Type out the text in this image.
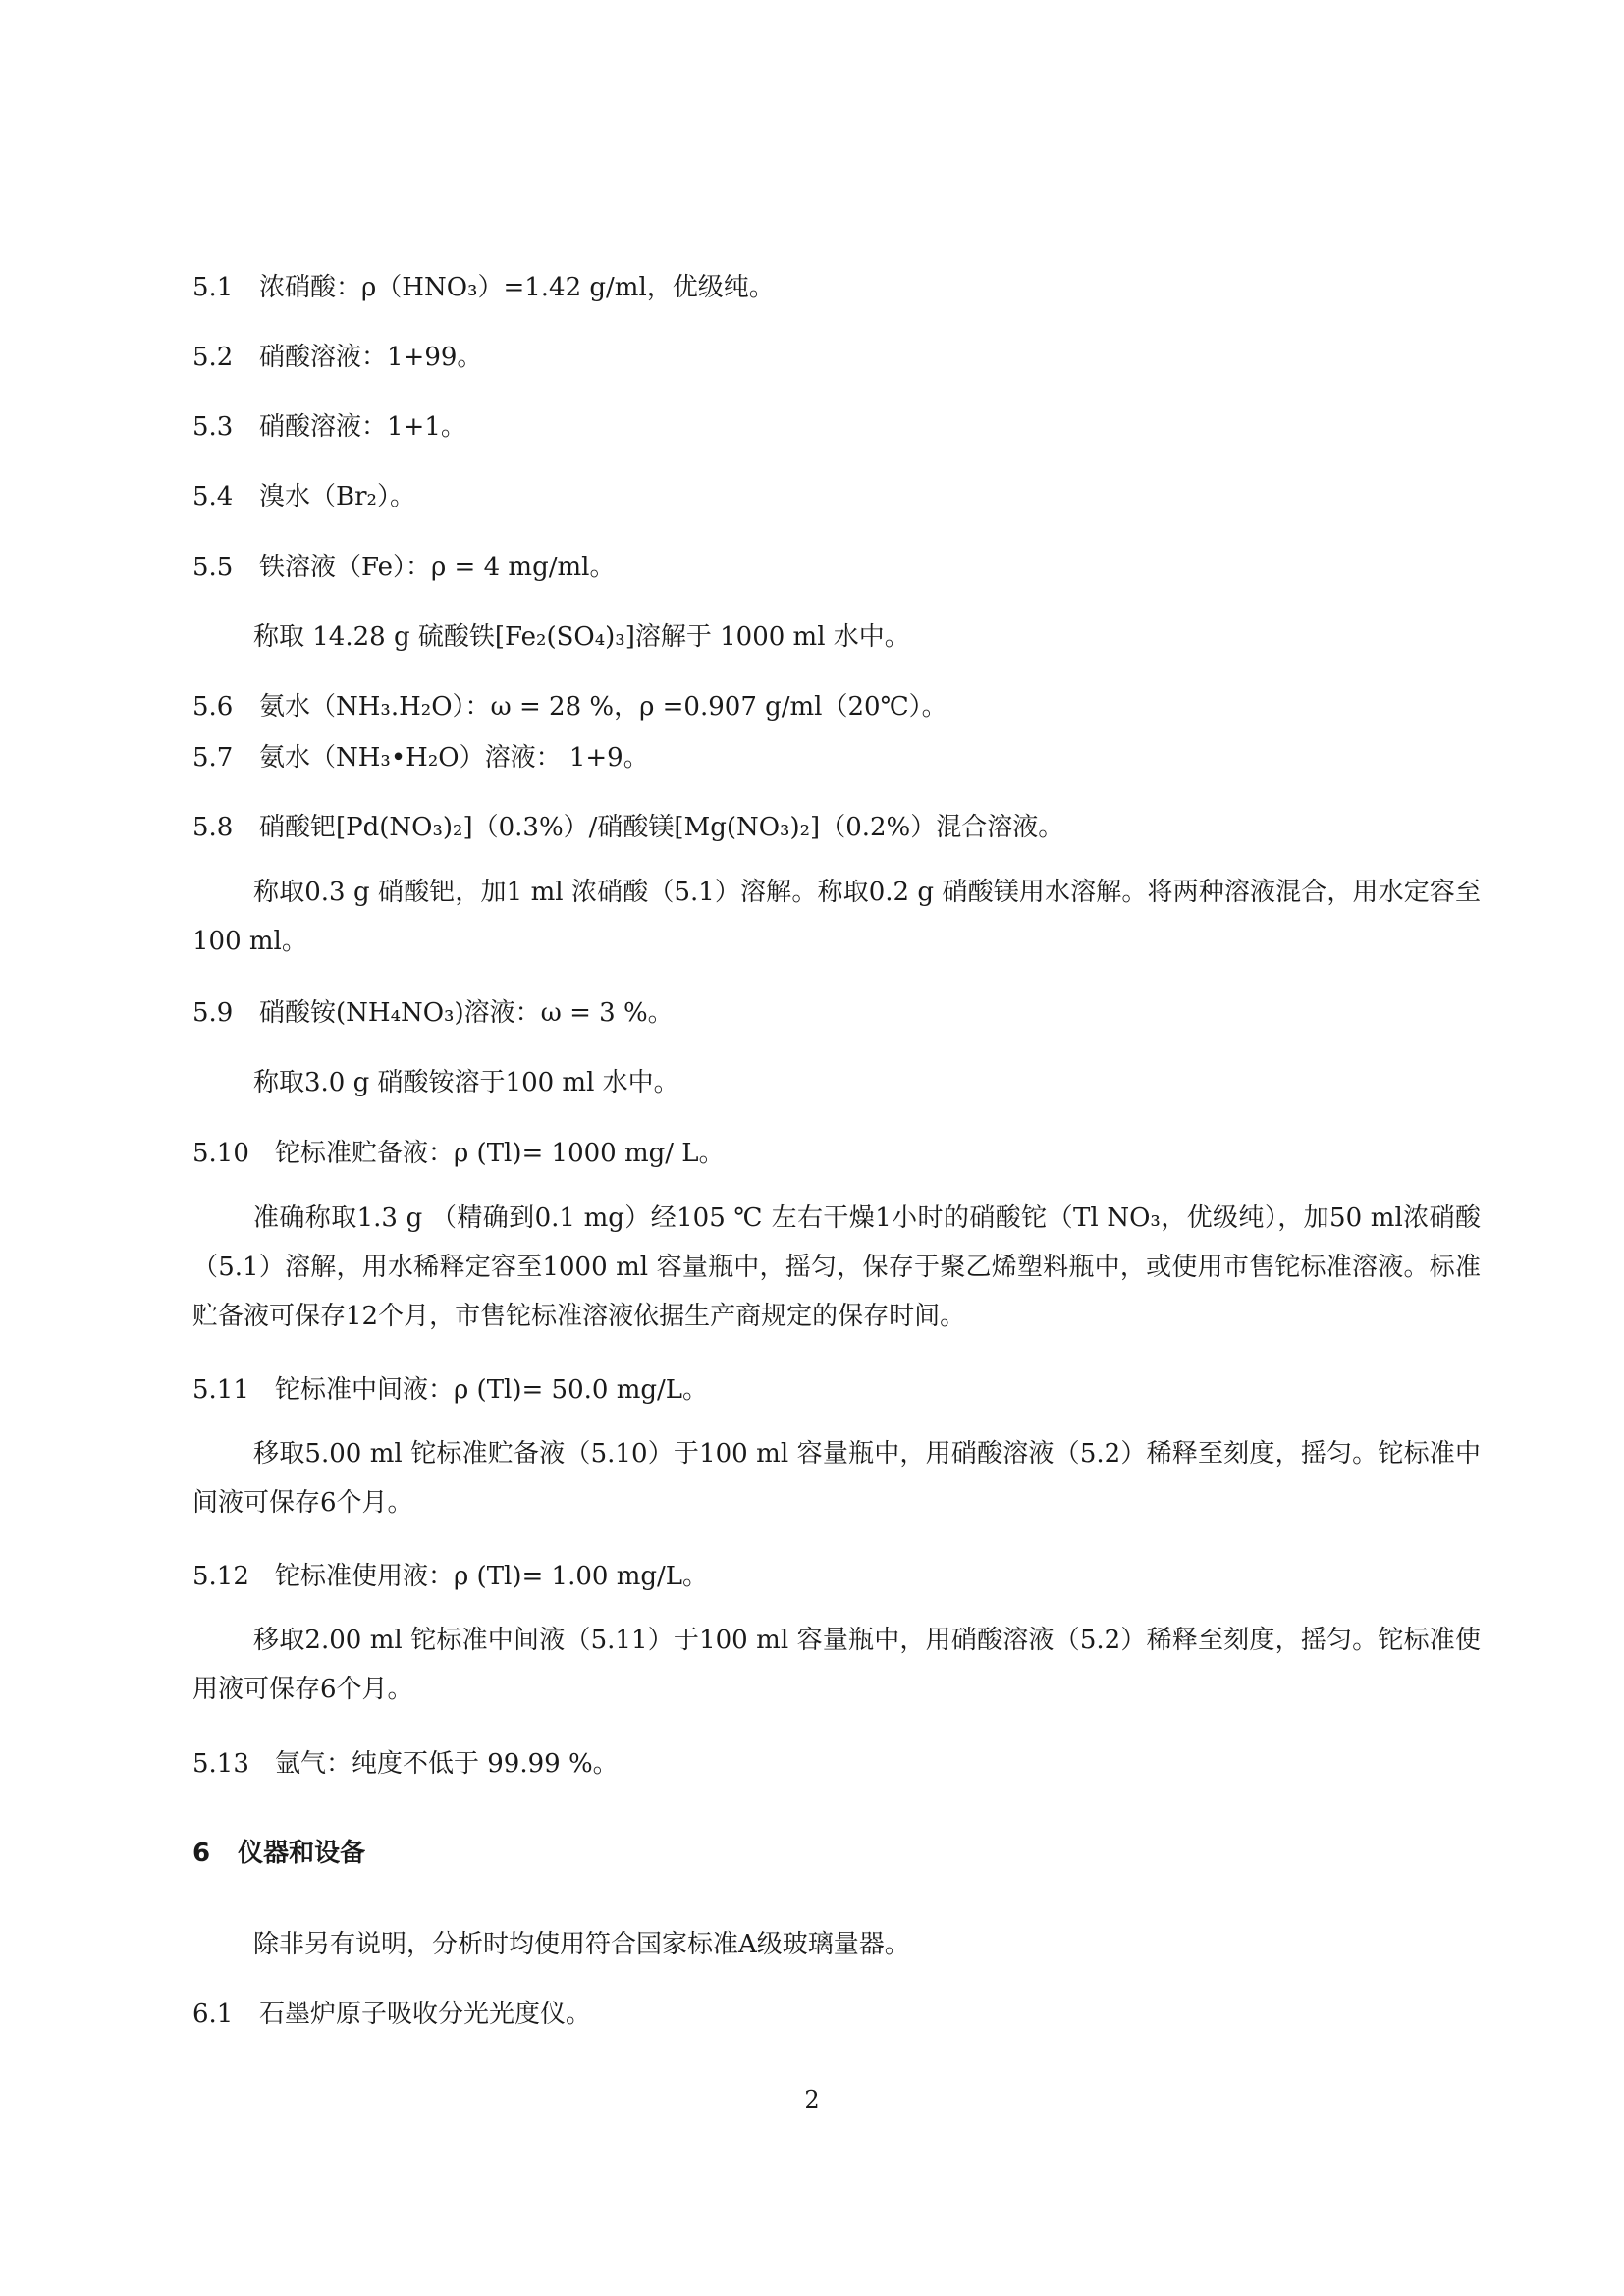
5.1 浓硝酸：ρ（HNO₃）=1.42 g/ml，优级纯。
5.2 硝酸溶液：1+99。
5.3 硝酸溶液：1+1。
5.4 溴水（Br₂）。
5.5 铁溶液（Fe）：ρ = 4 mg/ml。
称取 14.28 g 硫酸铁[Fe₂(SO₄)₃]溶解于 1000 ml 水中。
5.6 氨水（NH₃.H₂O）：ω = 28 %，ρ =0.907 g/ml（20℃）。
5.7 氨水（NH₃•H₂O）溶液： 1+9。
5.8 硝酸钯[Pd(NO₃)₂]（0.3%）/硝酸镁[Mg(NO₃)₂]（0.2%）混合溶液。
称取0.3 g 硝酸钯，加1 ml 浓硝酸（5.1）溶解。称取0.2 g 硝酸镁用水溶解。将两种溶液混合，用水定容至100 ml。
5.9 硝酸铵(NH₄NO₃)溶液：ω = 3 %。
称取3.0 g 硝酸铵溶于100 ml 水中。
5.10 铊标准贮备液：ρ (Tl)= 1000 mg/ L。
准确称取1.3 g （精确到0.1 mg）经105 ℃ 左右干燥1小时的硝酸铊（Tl NO₃，优级纯），加50 ml浓硝酸（5.1）溶解，用水稀释定容至1000 ml 容量瓶中，摇匀，保存于聚乙烯塑料瓶中，或使用市售铊标准溶液。标准贮备液可保存12个月，市售铊标准溶液依据生产商规定的保存时间。
5.11 铊标准中间液：ρ (Tl)= 50.0 mg/L。
移取5.00 ml 铊标准贮备液（5.10）于100 ml 容量瓶中，用硝酸溶液（5.2）稀释至刻度，摇匀。铊标准中间液可保存6个月。
5.12 铊标准使用液：ρ (Tl)= 1.00 mg/L。
移取2.00 ml 铊标准中间液（5.11）于100 ml 容量瓶中，用硝酸溶液（5.2）稀释至刻度，摇匀。铊标准使用液可保存6个月。
5.13 氩气：纯度不低于 99.99 %。
6 仪器和设备
除非另有说明，分析时均使用符合国家标准A级玻璃量器。
6.1 石墨炉原子吸收分光光度仪。
2
